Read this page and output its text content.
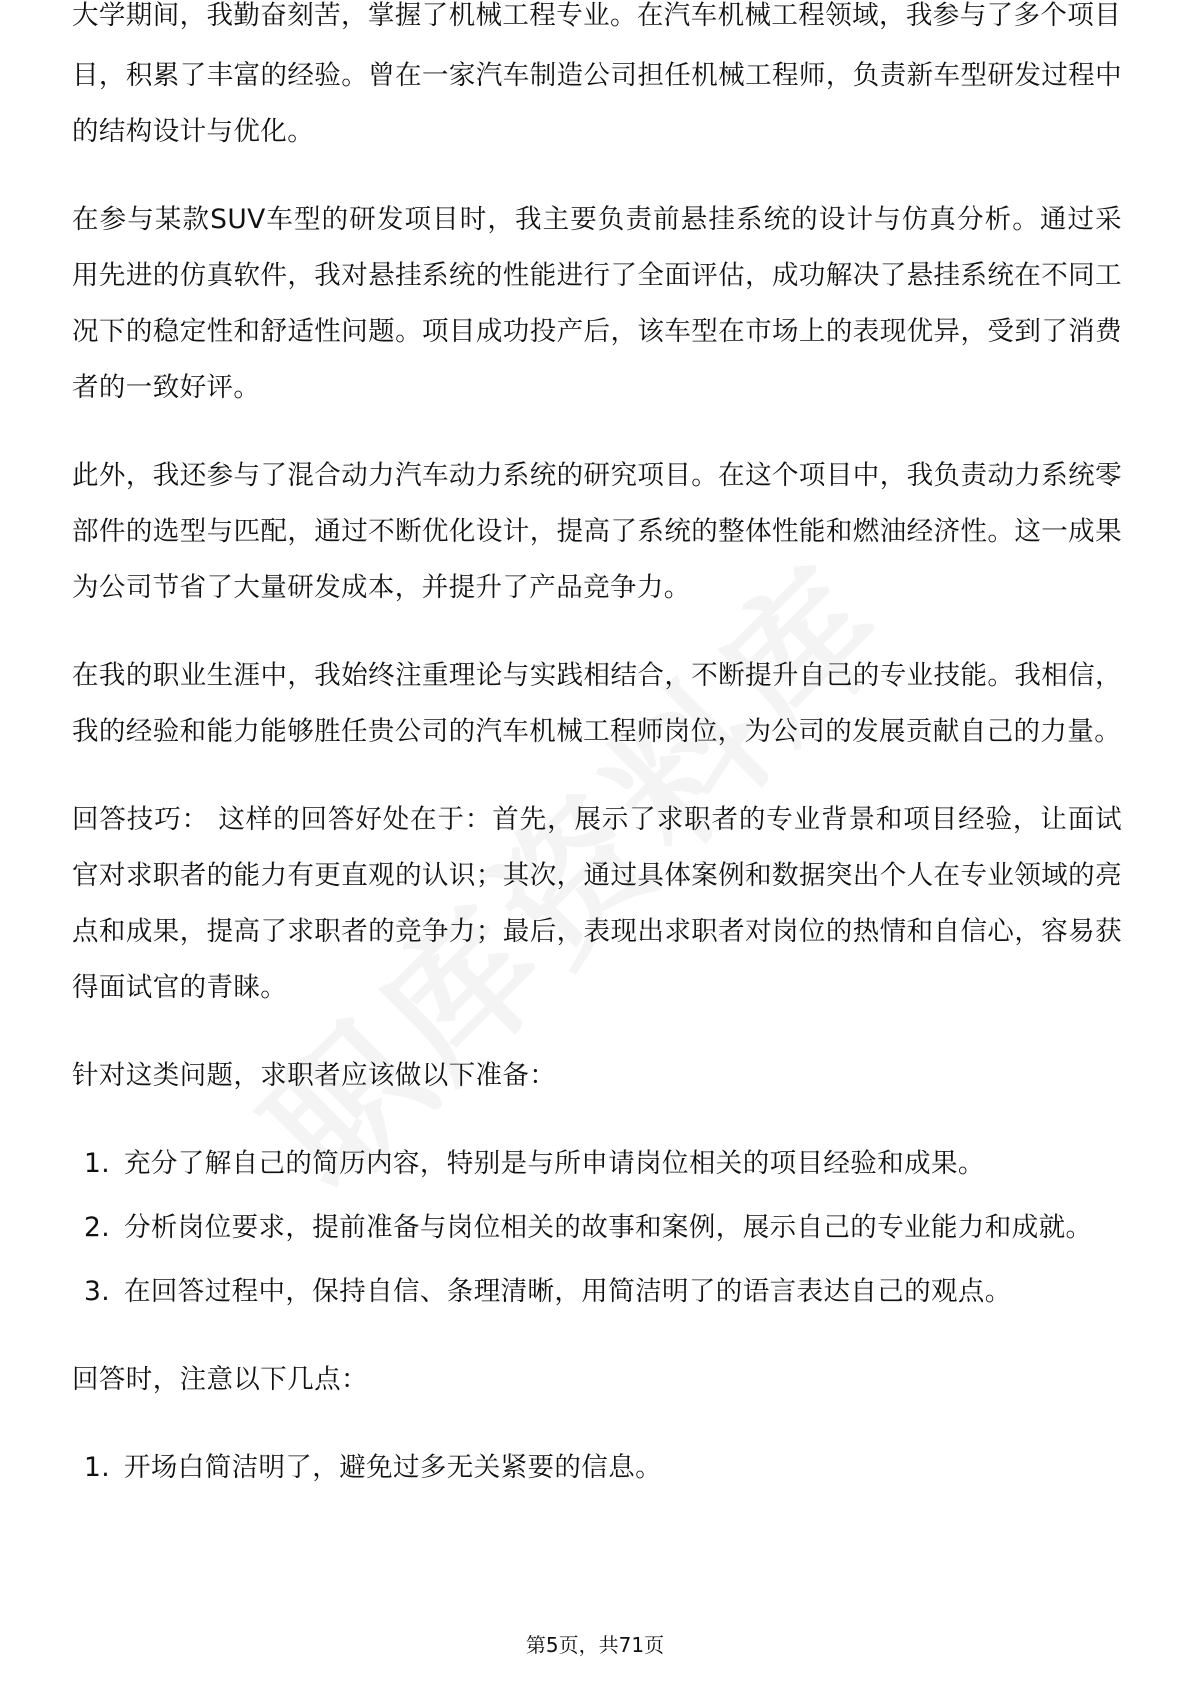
大学期间，我勤奋刻苦，掌握了机械工程专业。在汽车机械工程领域，我参与了多个项目

目，积累了丰富的经验。曾在一家汽车制造公司担任机械工程师，负责新车型研发过程中的结构设计与优化。

在参与某款SUV车型的研发项目时，我主要负责前悬挂系统的设计与仿真分析。通过采用先进的仿真软件，我对悬挂系统的性能进行了全面评估，成功解决了悬挂系统在不同工况下的稳定性和舒适性问题。项目成功投产后，该车型在市场上的表现优异，受到了消费者的一致好评。

此外，我还参与了混合动力汽车动力系统的研究项目。在这个项目中，我负责动力系统零部件的选型与匹配，通过不断优化设计，提高了系统的整体性能和燃油经济性。这一成果为公司节省了大量研发成本，并提升了产品竞争力。

在我的职业生涯中，我始终注重理论与实践相结合，不断提升自己的专业技能。我相信，我的经验和能力能够胜任贵公司的汽车机械工程师岗位，为公司的发展贡献自己的力量。

回答技巧： 这样的回答好处在于：首先，展示了求职者的专业背景和项目经验，让面试官对求职者的能力有更直观的认识；其次，通过具体案例和数据突出个人在专业领域的亮点和成果，提高了求职者的竞争力；最后，表现出求职者对岗位的热情和自信心，容易获得面试官的青睐。

针对这类问题，求职者应该做以下准备：

1. 充分了解自己的简历内容，特别是与所申请岗位相关的项目经验和成果。
2. 分析岗位要求，提前准备与岗位相关的故事和案例，展示自己的专业能力和成就。
3. 在回答过程中，保持自信、条理清晰，用简洁明了的语言表达自己的观点。

回答时，注意以下几点：

1. 开场白简洁明了，避免过多无关紧要的信息。
第5页，共71页
